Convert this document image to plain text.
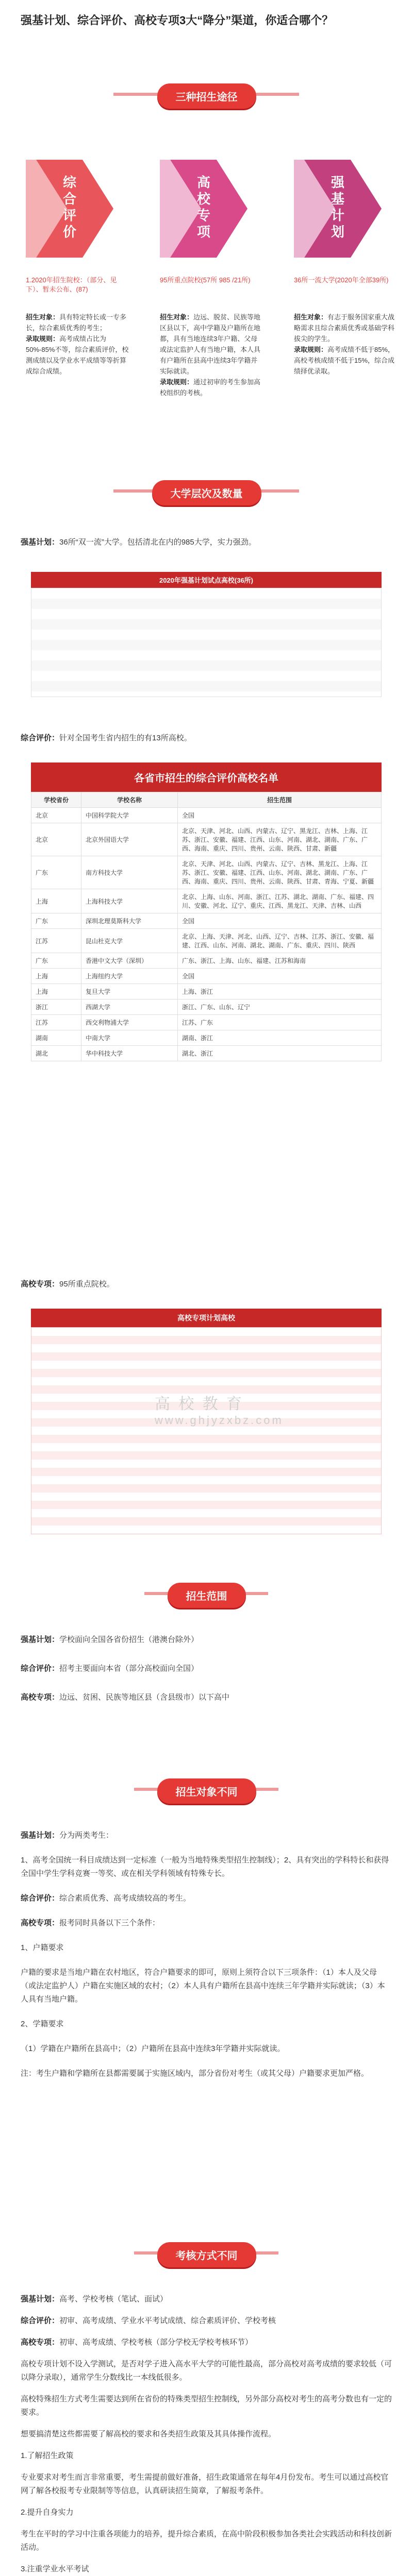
强基计划、综合评价、高校专项3大“降分”渠道，你适合哪个？
三种招生途径
综合评价	高校专项	强基计划
1.2020年招生院校：（部分、见下）、暂未公布、(87)
95所重点院校(57所 985 /21所)	36所一流大学(2020年全部39所)
招生对象：具有特定特长或一专多长，综合素质优秀的考生；
录取规则：高考成绩占比为50%-85%不等，综合素质评价，校测成绩以及学业水平成绩等等折算成综合成绩。
招生对象：边远、脱贫、民族等地区县以下，高中学籍及户籍所在地都，具有当地连续3年户籍、父母或法定监护人有当地户籍，本人具有户籍所在县高中连续3年学籍并实际就读。
录取规则：通过初审的考生参加高校组织的考核。
招生对象：有志于服务国家重大战略需求且综合素质优秀或基础学科拔尖的学生。
录取规则：高考成绩不低于85%，高校考核成绩不低于15%，综合成绩择优录取。
大学层次及数量
强基计划：36所“双一流”大学。包括清北在内的985大学，实力强劲。
2020年强基计划试点高校(36所)
综合评价：针对全国考生省内招生的有13所高校。
各省市招生的综合评价高校名单
学校省份	学校名称	招生范围
北京	中国科学院大学	全国
北京	北京外国语大学	北京、天津、河北、山西、内蒙古、辽宁、黑龙江、吉林、上海、江苏、浙江、安徽、福建、江西、山东、河南、湖北、湖南、广东、广西、海南、重庆、四川、贵州、云南、陕西、甘肃、新疆
广东	南方科技大学	北京、天津、河北、山西、内蒙古、辽宁、吉林、黑龙江、上海、江苏、浙江、安徽、福建、江西、山东、河南、湖北、湖南、广东、广西、海南、重庆、四川、贵州、云南、陕西、甘肃、青海、宁夏、新疆
上海	上海科技大学	北京、上海、山东、河南、浙江、江苏、湖北、湖南、广东、福建、四川、安徽、河北、辽宁、重庆、江西、黑龙江、天津、吉林、山西
广东	深圳北理莫斯科大学	全国
江苏	昆山杜克大学	北京、上海、天津、河北、山西、辽宁、吉林、江苏、浙江、安徽、福建、江西、山东、河南、湖北、湖南、广东、重庆、四川、陕西
广东	香港中文大学（深圳）	广东、浙江、上海、山东、福建、江苏和海南
上海	上海纽约大学	全国
上海	复旦大学	上海、浙江
浙江	西湖大学	浙江、广东、山东、辽宁
江苏	西交利物浦大学	江苏、广东
湖南	中南大学	湖南、浙江
湖北	华中科技大学	湖北、浙江
高校专项：95所重点院校。
高校专项计划高校
高 校 教 育
www.ghjyzxbz.com
招生范围

强基计划：学校面向全国各省份招生（港澳台除外）

综合评价：招考主要面向本省（部分高校面向全国）

高校专项：边远、贫困、民族等地区县（含县级市）以下高中

招生对象不同

强基计划：分为两类考生：

1、高考全国统一科目成绩达到一定标准（一般为当地特殊类型招生控制线）；2、具有突出的学科特长和获得全国中学生学科竞赛一等奖、或在相关学科领域有特殊专长。

综合评价：综合素质优秀、高考成绩较高的考生。

高校专项：报考同时具备以下三个条件：

1、户籍要求

户籍的要求是当地户籍在农村地区，符合户籍要求的即可，原则上须符合以下三项条件：（1）本人及父母（或法定监护人）户籍在实施区域的农村；（2）本人具有户籍所在县高中连续三年学籍并实际就读；（3）本人具有当地户籍。

2、学籍要求

（1）学籍在户籍所在县高中；（2）户籍所在县高中连续3年学籍并实际就读。

注：考生户籍和学籍所在县都需要属于实施区域内，部分省份对考生（或其父母）户籍要求更加严格。

考核方式不同

强基计划：高考、学校考核（笔试、面试）

综合评价：初审、高考成绩、学业水平考试成绩、综合素质评价、学校考核

高校专项：初审、高考成绩、学校考核（部分学校无学校考核环节）

高校专项计划不设入学测试，是否对学子进入高水平大学的可能性最高，部分高校对高考成绩的要求较低（可以降分录取），通常学生分数线比一本线低很多。

高校特殊招生方式考生需要达到所在省份的特殊类型招生控制线，另外部分高校对考生的高考分数也有一定的要求。

想要搞清楚这些都需要了解高校的要求和各类招生政策及其具体操作流程。

1.了解招生政策

专业要求对考生而言非常重要，考生需提前做好准备，招生政策通常在每年4月份发布。考生可以通过高校官网了解各校报考专业限制等等信息，认真研读招生简章，了解报考条件。

2.提升自身实力

考生在平时的学习中注重各项能力的培养，提升综合素质，在高中阶段积极参加各类社会实践活动和科技创新活动。

3.注重学业水平考试
